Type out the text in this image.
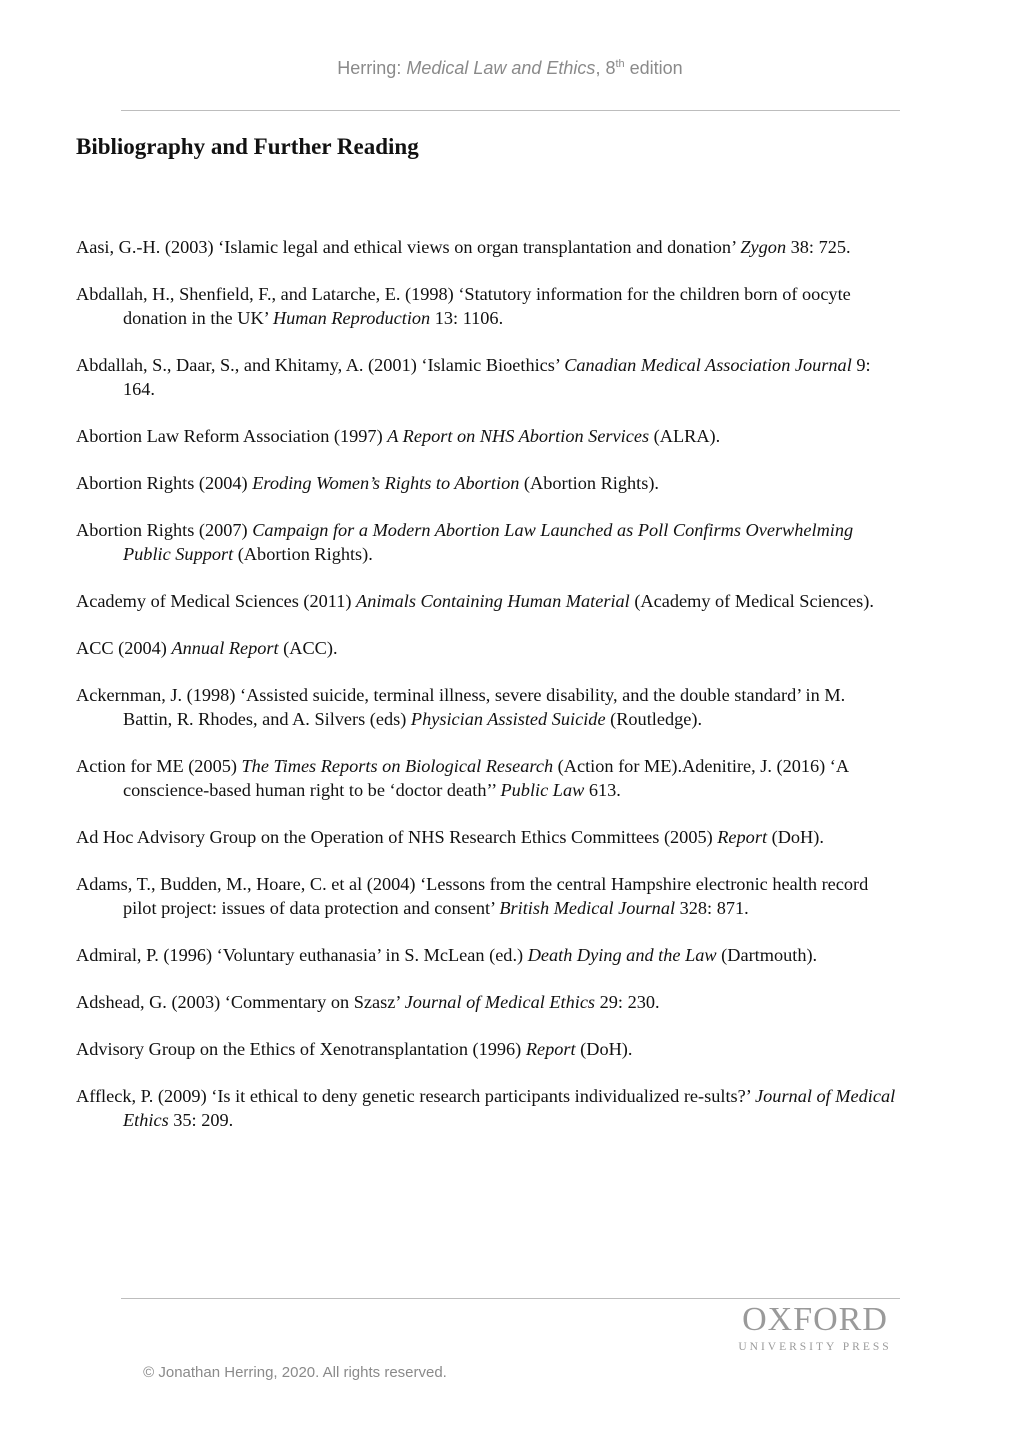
Herring: Medical Law and Ethics, 8th edition
Bibliography and Further Reading

Aasi, G.-H. (2003) ‘Islamic legal and ethical views on organ transplantation and donation’ Zygon 38: 725.

Abdallah, H., Shenfield, F., and Latarche, E. (1998) ‘Statutory information for the children born of oocyte donation in the UK’ Human Reproduction 13: 1106.

Abdallah, S., Daar, S., and Khitamy, A. (2001) ‘Islamic Bioethics’ Canadian Medical Association Journal 9: 164.

Abortion Law Reform Association (1997) A Report on NHS Abortion Services (ALRA).

Abortion Rights (2004) Eroding Women’s Rights to Abortion (Abortion Rights).

Abortion Rights (2007) Campaign for a Modern Abortion Law Launched as Poll Confirms Overwhelming Public Support (Abortion Rights).

Academy of Medical Sciences (2011) Animals Containing Human Material (Academy of Medical Sciences).

ACC (2004) Annual Report (ACC).

Ackernman, J. (1998) ‘Assisted suicide, terminal illness, severe disability, and the double standard’ in M. Battin, R. Rhodes, and A. Silvers (eds) Physician Assisted Suicide (Routledge).

Action for ME (2005) The Times Reports on Biological Research (Action for ME).Adenitire, J. (2016) ‘A conscience-based human right to be ‘doctor death’’ Public Law 613.

Ad Hoc Advisory Group on the Operation of NHS Research Ethics Committees (2005) Report (DoH).

Adams, T., Budden, M., Hoare, C. et al (2004) ‘Lessons from the central Hampshire electronic health record pilot project: issues of data protection and consent’ British Medical Journal 328: 871.

Admiral, P. (1996) ‘Voluntary euthanasia’ in S. McLean (ed.) Death Dying and the Law (Dartmouth).

Adshead, G. (2003) ‘Commentary on Szasz’ Journal of Medical Ethics 29: 230.

Advisory Group on the Ethics of Xenotransplantation (1996) Report (DoH).

Affleck, P. (2009) ‘Is it ethical to deny genetic research participants individualized re-sults?’ Journal of Medical Ethics 35: 209.

OXFORD
UNIVERSITY PRESS
© Jonathan Herring, 2020. All rights reserved.
